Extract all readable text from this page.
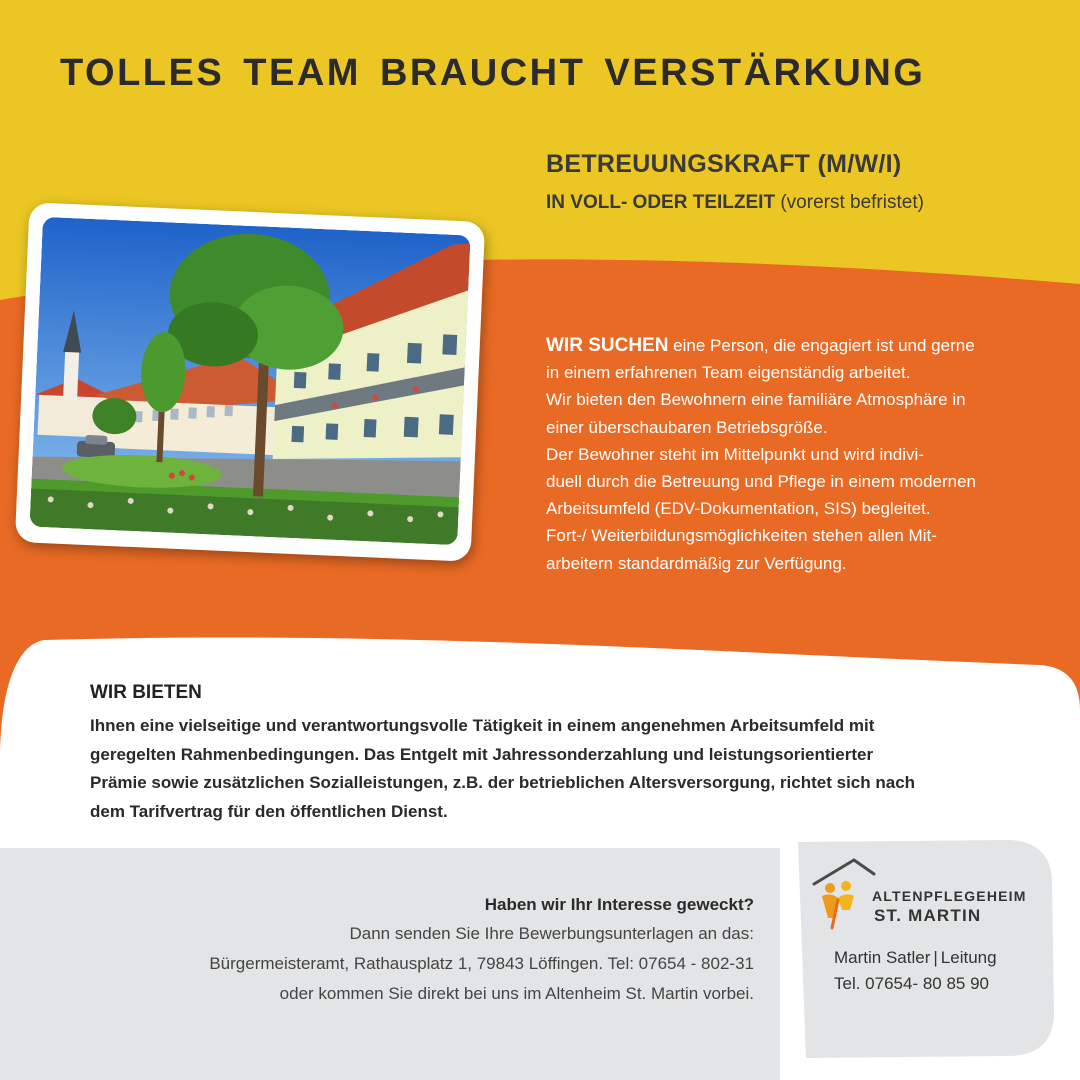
TOLLES TEAM BRAUCHT VERSTÄRKUNG
BETREUUNGSKRAFT (M/W/I)
IN VOLL- ODER TEILZEIT (vorerst befristet)
WIR SUCHEN eine Person, die engagiert ist und gerne
in einem erfahrenen Team eigenständig arbeitet.
Wir bieten den Bewohnern eine familiäre Atmosphäre in
einer überschaubaren Betriebsgröße.
Der Bewohner steht im Mittelpunkt und wird indivi-
duell durch die Betreuung und Pflege in einem modernen
Arbeitsumfeld (EDV-Dokumentation, SIS) begleitet.
Fort-/ Weiterbildungsmöglichkeiten stehen allen Mit-
arbeitern standardmäßig zur Verfügung.
WIR BIETEN
Ihnen eine vielseitige und verantwortungsvolle Tätigkeit in einem angenehmen Arbeitsumfeld mit
geregelten Rahmenbedingungen. Das Entgelt mit Jahressonderzahlung und leistungsorientierter
Prämie sowie zusätzlichen Sozialleistungen, z.B. der betrieblichen Altersversorgung, richtet sich nach
dem Tarifvertrag für den öffentlichen Dienst.
Haben wir Ihr Interesse geweckt?
Dann senden Sie Ihre Bewerbungsunterlagen an das:
Bürgermeisteramt, Rathausplatz 1, 79843 Löffingen. Tel: 07654 - 802-31
oder kommen Sie direkt bei uns im Altenheim St. Martin vorbei.
ALTENPFLEGEHEIM
ST. MARTIN
Martin Satler | Leitung
Tel. 07654- 80 85 90
